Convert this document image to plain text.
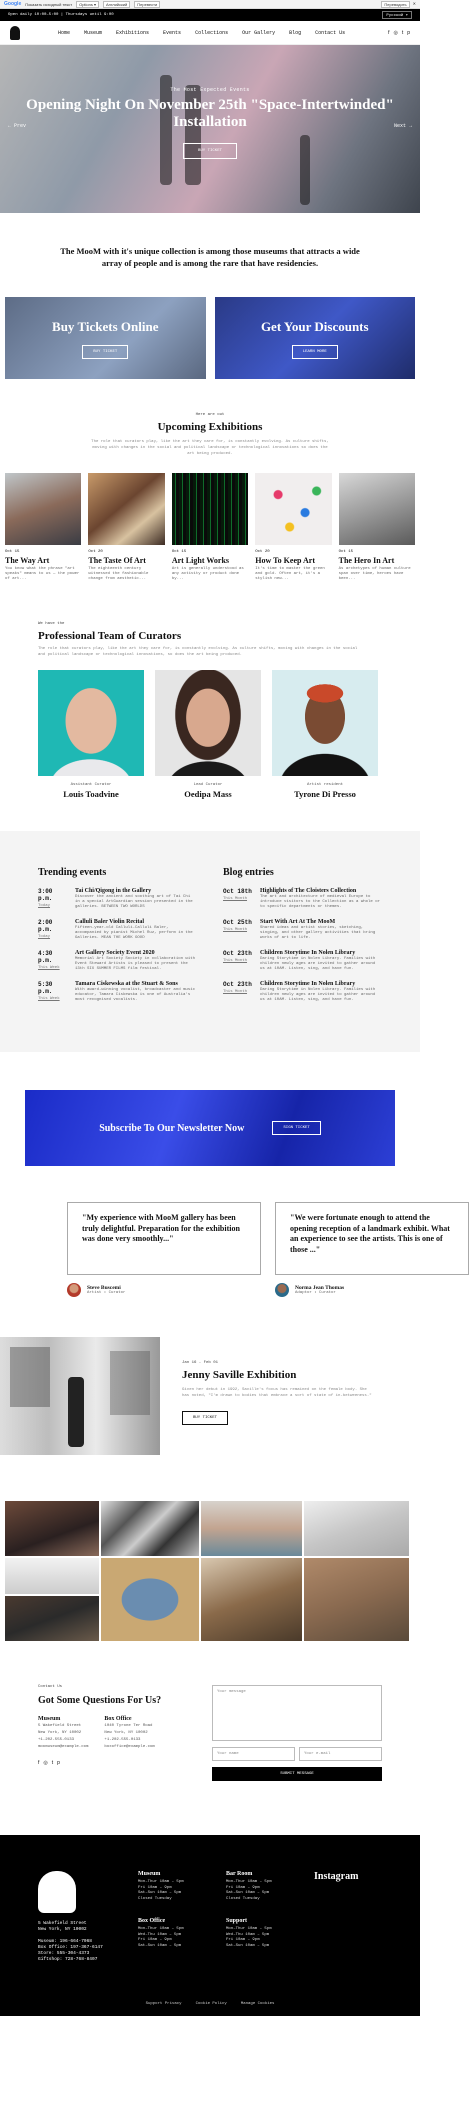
Google Показать исходный текст	Options ▾	Английский	Перевести	Переводить	✕
Open daily 10:00–5:00 | Thursdays until 9:00	Русский ▾
Home	Museum	Exhibitions	Events	Collections	Our Gallery	Blog	Contact Us	f ◎ t p
← Prev	Next →
The Most Expected Events
Opening Night On November 25th "Space-Intertwinded" Installation
BUY TICKET
The MooM with it's unique collection is among those museums that attracts a wide array of people and is among the rare that have residencies.
Buy Tickets Online
BUY TICKET
Get Your Discounts
LEARN MORE
Here are out
Upcoming Exhibitions
The role that curators play, like the art they care for, is constantly evolving. As culture shifts, moving with changes in the social and political landscape or technological innovations so does the art being produced.
Oct 15
The Way Art
You know what the phrase "art speaks" means to us — the power of art...
Oct 20
The Taste Of Art
The eighteenth century witnessed the fashionable change from aesthetic...
Oct 15
Art Light Works
Art is generally understood as any activity or product done by...
Oct 20
How To Keep Art
It's time to master the green and gold. Often art, it's a stylish new...
Oct 15
The Hero In Art
As archetypes of human culture span over time, heroes have been...
We have the
Professional Team of Curators
The role that curators play, like the art they care for, is constantly evolving. As culture shifts, moving with changes in the social and political landscape or technological innovations, so does the art being produced.
Assistant Curator
Louis Toadvine
Lead Curator
Oedipa Mass
Artist resident
Tyrone Di Presso
Trending events
3:00 p.m.
Today
Tai Chi/Qigong in the Gallery
Discover the ancient and soothing art of Tai Chi in a special ArtGuardian session presented in the galleries. BETWEEN TWO WORLDS
2:00 p.m.
Today
Calluli Baler Violin Recital
Fifteen-year-old Calluli-Calluli Baler, accompanied by pianist Michel Ruz, perform in the Galleries. MEAN THE WORK GOOD
4:30 p.m.
This Week
Art Gallery Society Event 2020
Memorial Art Society Society in collaboration with Event Steward Artists is pleased to present the 13th SIX SUMMER FILMS film festival.
5:30 p.m.
This Week
Tamara Ciskewska at the Stuart & Sons
With award-winning vocalist, broadcaster and music educator, Tamara Ciskewska is one of Australia's most recognised vocalists.
Blog entries
Oct 18th
This Month
Highlights of The Cloisters Collection
The art and architecture of medieval Europe to introduce visitors to the Collection as a whole or to specific departments or themes.
Oct 25th
This Month
Start With Art At The MooM
Shared ideas and artist stories, sketching, singing, and other gallery activities that bring works of art to life.
Oct 23th
This Month
Children Storytime In Nolen Library
Daring Storytime in Nolen Library. Families with children newly ages are invited to gather around us at 10AM. Listen, sing, and have fun.
Oct 23th
This Month
Children Storytime In Nolen Library
Daring Storytime in Nolen Library. Families with children newly ages are invited to gather around us at 10AM. Listen, sing, and have fun.
Subscribe To Our Newsletter Now	SIGN TICKET
"My experience with MooM gallery has been truly delightful. Preparation for the exhibition was done very smoothly..."
Steve Buscemi
Artist • Curator
"We were fortunate enough to attend the opening reception of a landmark exhibit. What an experience to see the artists. This is one of those ..."
Norma Jean Thomas
Adaptor • Curator
Jan 16 - Feb 01
Jenny Saville Exhibition
Given her debut in 1992, Saville's focus has remained on the female body. She has noted, "I'm drawn to bodies that embrace a sort of state of in-betweeness."
BUY TICKET
Contact Us
Got Some Questions For Us?
Museum

5 Wakefield Street

New York, NY 10002

+1-202-555-0133

moomuseum@example.com

Box Office

1040 Tyrone Ter Road

New York, NY 10002

+1-202-555-0133

boxoffice@example.com

f ◎ t p
Your message
Your name	Your e-mail
SUBMIT MESSAGE
5 Wakefield Street
New York, NY 10002

Museum: 196-664-7068
Box Office: 197-367-6147
Store: 555-304-4373
Giftshop: 728-768-8407
Museum

Mon–Thur 10am – 5pm

Fri 10am – 9pm

Sat–Sun 10am – 5pm

Closed Tuesday

Box Office

Mon–Thur 10am – 5pm

Wed–Thu 10am – 5pm

Fri 10am – 9pm

Sat–Sun 10am – 5pm

Bar Room

Mon–Thur 10am – 5pm

Fri 10am – 9pm

Sat–Sun 10am – 5pm

Closed Tuesday

Support

Mon–Thur 10am – 5pm

Wed–Thu 10am – 5pm

Fri 10am – 9pm

Sat–Sun 10am – 5pm

Instagram
Support Privacy	Cookie Policy	Manage Cookies
